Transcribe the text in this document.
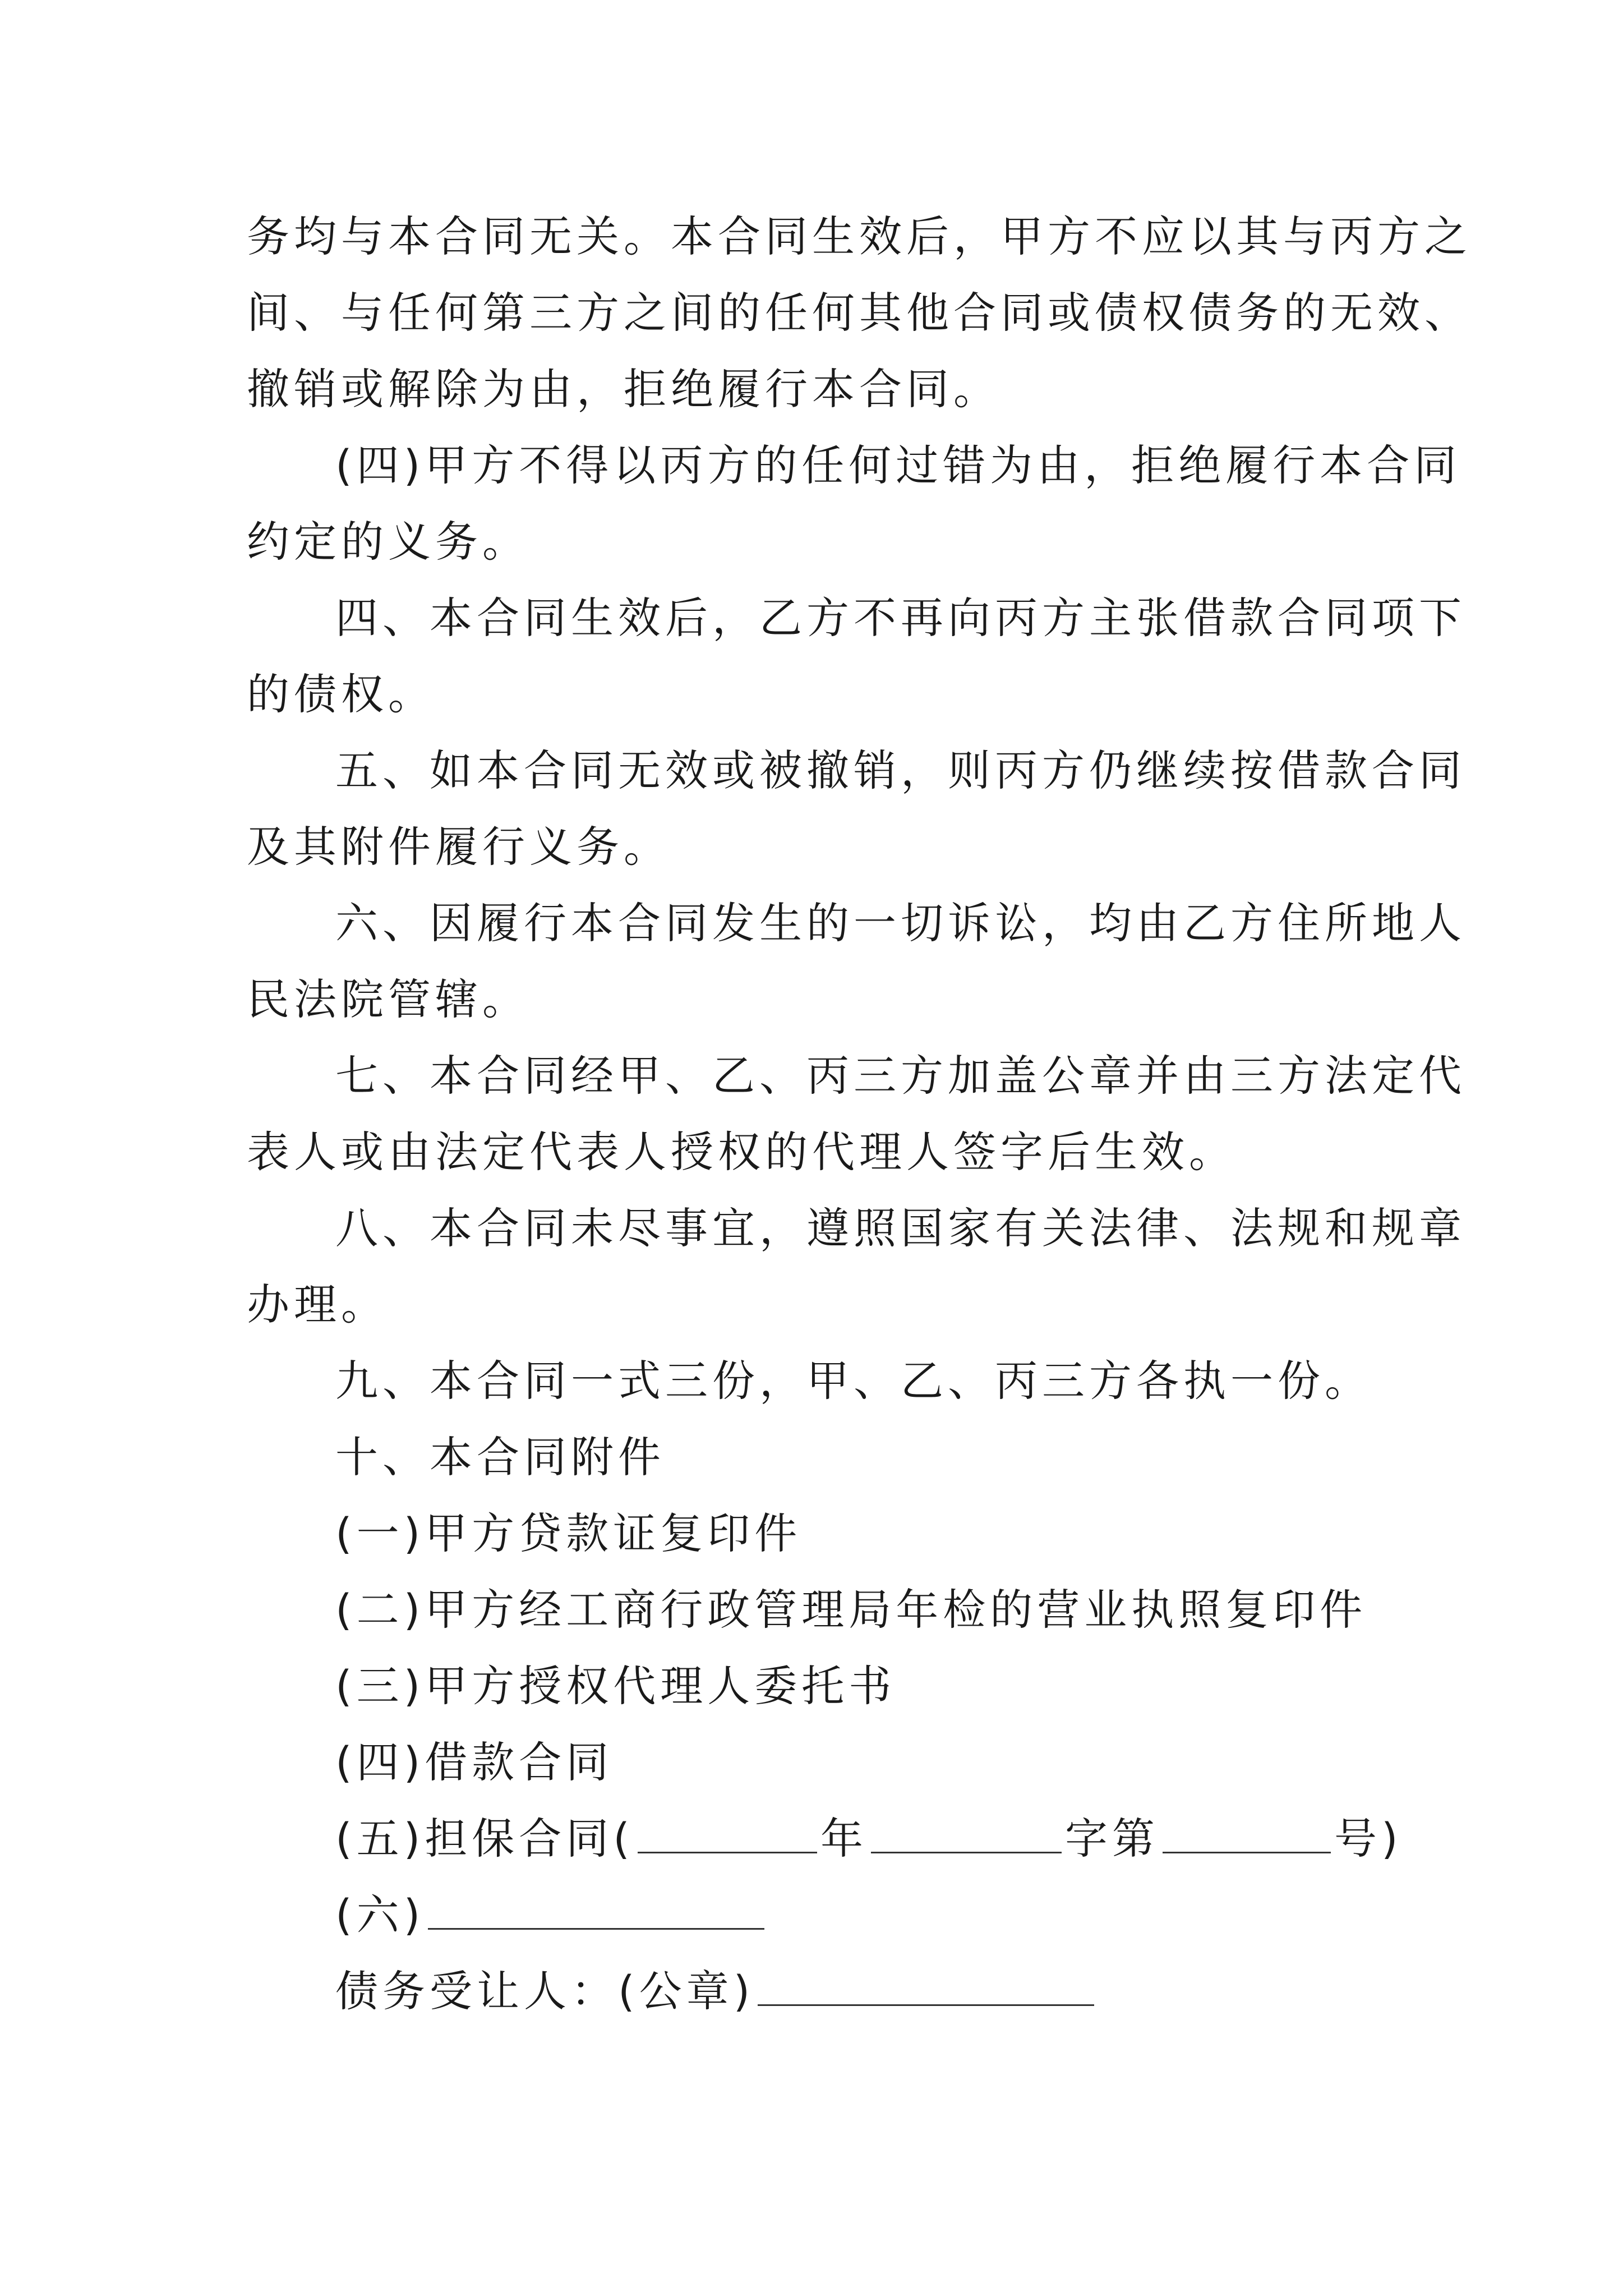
务均与本合同无关。本合同生效后，甲方不应以其与丙方之
间、与任何第三方之间的任何其他合同或债权债务的无效、
撤销或解除为由，拒绝履行本合同。
(四)甲方不得以丙方的任何过错为由，拒绝履行本合同
约定的义务。
四、本合同生效后，乙方不再向丙方主张借款合同项下
的债权。
五、如本合同无效或被撤销，则丙方仍继续按借款合同
及其附件履行义务。
六、因履行本合同发生的一切诉讼，均由乙方住所地人
民法院管辖。
七、本合同经甲、乙、丙三方加盖公章并由三方法定代
表人或由法定代表人授权的代理人签字后生效。
八、本合同未尽事宜，遵照国家有关法律、法规和规章
办理。
九、本合同一式三份，甲、乙、丙三方各执一份。
十、本合同附件
(一)甲方贷款证复印件
(二)甲方经工商行政管理局年检的营业执照复印件
(三)甲方授权代理人委托书
(四)借款合同
(五)担保合同(	年	字第	号)
(六)
债务受让人：(公章)
